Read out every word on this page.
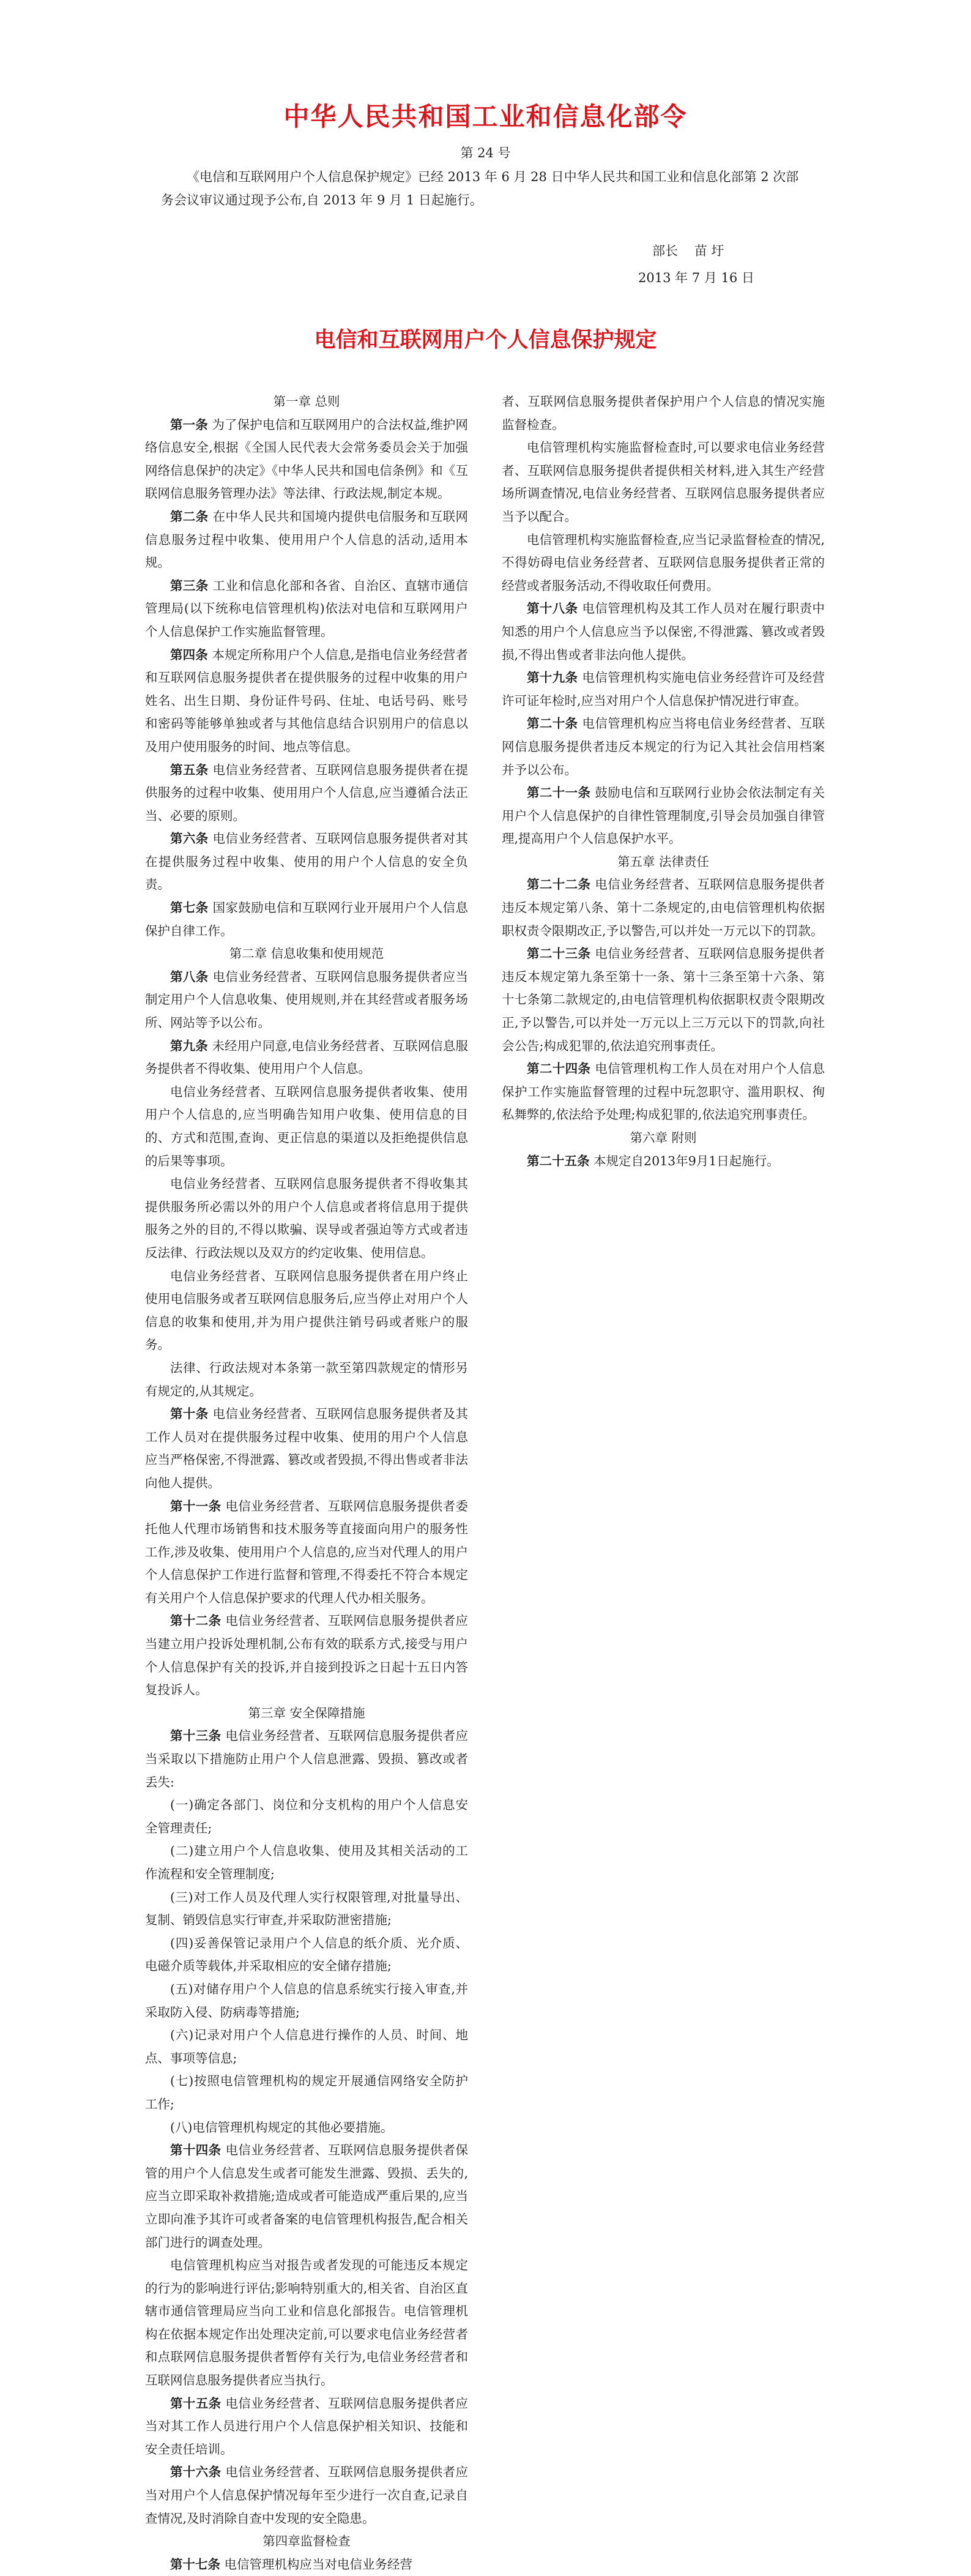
中华人民共和国工业和信息化部令

第 24 号

《电信和互联网用户个人信息保护规定》已经 2013 年 6 月 28 日中华人民共和国工业和信息化部第 2 次部务会议审议通过现予公布,自 2013 年 9 月 1 日起施行。

部长    苗 圩

2013 年 7 月 16 日

电信和互联网用户个人信息保护规定

第一章 总则

第一条 为了保护电信和互联网用户的合法权益,维护网络信息安全,根据《全国人民代表大会常务委员会关于加强网络信息保护的决定》《中华人民共和国电信条例》和《互联网信息服务管理办法》等法律、行政法规,制定本规。

第二条 在中华人民共和国境内提供电信服务和互联网信息服务过程中收集、使用用户个人信息的活动,适用本规。

第三条 工业和信息化部和各省、自治区、直辖市通信管理局(以下统称电信管理机构)依法对电信和互联网用户个人信息保护工作实施监督管理。

第四条 本规定所称用户个人信息,是指电信业务经营者和互联网信息服务提供者在提供服务的过程中收集的用户姓名、出生日期、身份证件号码、住址、电话号码、账号和密码等能够单独或者与其他信息结合识别用户的信息以及用户使用服务的时间、地点等信息。

第五条 电信业务经营者、互联网信息服务提供者在提供服务的过程中收集、使用用户个人信息,应当遵循合法正当、必要的原则。

第六条 电信业务经营者、互联网信息服务提供者对其在提供服务过程中收集、使用的用户个人信息的安全负责。

第七条 国家鼓励电信和互联网行业开展用户个人信息保护自律工作。

第二章 信息收集和使用规范

第八条 电信业务经营者、互联网信息服务提供者应当制定用户个人信息收集、使用规则,并在其经营或者服务场所、网站等予以公布。

第九条 未经用户同意,电信业务经营者、互联网信息服务提供者不得收集、使用用户个人信息。

电信业务经营者、互联网信息服务提供者收集、使用用户个人信息的,应当明确告知用户收集、使用信息的目的、方式和范围,查询、更正信息的渠道以及拒绝提供信息的后果等事项。

电信业务经营者、互联网信息服务提供者不得收集其提供服务所必需以外的用户个人信息或者将信息用于提供服务之外的目的,不得以欺骗、误导或者强迫等方式或者违反法律、行政法规以及双方的约定收集、使用信息。

电信业务经营者、互联网信息服务提供者在用户终止使用电信服务或者互联网信息服务后,应当停止对用户个人信息的收集和使用,并为用户提供注销号码或者账户的服务。

法律、行政法规对本条第一款至第四款规定的情形另有规定的,从其规定。

第十条 电信业务经营者、互联网信息服务提供者及其工作人员对在提供服务过程中收集、使用的用户个人信息应当严格保密,不得泄露、篡改或者毁损,不得出售或者非法向他人提供。

第十一条 电信业务经营者、互联网信息服务提供者委托他人代理市场销售和技术服务等直接面向用户的服务性工作,涉及收集、使用用户个人信息的,应当对代理人的用户个人信息保护工作进行监督和管理,不得委托不符合本规定有关用户个人信息保护要求的代理人代办相关服务。

第十二条 电信业务经营者、互联网信息服务提供者应当建立用户投诉处理机制,公布有效的联系方式,接受与用户个人信息保护有关的投诉,并自接到投诉之日起十五日内答复投诉人。

第三章 安全保障措施

第十三条 电信业务经营者、互联网信息服务提供者应当采取以下措施防止用户个人信息泄露、毁损、篡改或者丢失:

(一)确定各部门、岗位和分支机构的用户个人信息安全管理责任;

(二)建立用户个人信息收集、使用及其相关活动的工作流程和安全管理制度;

(三)对工作人员及代理人实行权限管理,对批量导出、复制、销毁信息实行审查,并采取防泄密措施;

(四)妥善保管记录用户个人信息的纸介质、光介质、电磁介质等载体,并采取相应的安全储存措施;

(五)对储存用户个人信息的信息系统实行接入审查,并采取防入侵、防病毒等措施;

(六)记录对用户个人信息进行操作的人员、时间、地点、事项等信息;

(七)按照电信管理机构的规定开展通信网络安全防护工作;

(八)电信管理机构规定的其他必要措施。

第十四条 电信业务经营者、互联网信息服务提供者保管的用户个人信息发生或者可能发生泄露、毁损、丢失的,应当立即采取补救措施;造成或者可能造成严重后果的,应当立即向准予其许可或者备案的电信管理机构报告,配合相关部门进行的调查处理。

电信管理机构应当对报告或者发现的可能违反本规定的行为的影响进行评估;影响特别重大的,相关省、自治区直辖市通信管理局应当向工业和信息化部报告。电信管理机构在依据本规定作出处理决定前,可以要求电信业务经营者和点联网信息服务提供者暂停有关行为,电信业务经营者和互联网信息服务提供者应当执行。

第十五条 电信业务经营者、互联网信息服务提供者应当对其工作人员进行用户个人信息保护相关知识、技能和安全责任培训。

第十六条 电信业务经营者、互联网信息服务提供者应当对用户个人信息保护情况每年至少进行一次自查,记录自查情况,及时消除自查中发现的安全隐患。

第四章监督检查

第十七条 电信管理机构应当对电信业务经营

者、互联网信息服务提供者保护用户个人信息的情况实施监督检查。

电信管理机构实施监督检查时,可以要求电信业务经营者、互联网信息服务提供者提供相关材料,进入其生产经营场所调查情况,电信业务经营者、互联网信息服务提供者应当予以配合。

电信管理机构实施监督检查,应当记录监督检查的情况,不得妨碍电信业务经营者、互联网信息服务提供者正常的经营或者服务活动,不得收取任何费用。

第十八条 电信管理机构及其工作人员对在履行职责中知悉的用户个人信息应当予以保密,不得泄露、篡改或者毁损,不得出售或者非法向他人提供。

第十九条 电信管理机构实施电信业务经营许可及经营许可证年检时,应当对用户个人信息保护情况进行审查。

第二十条 电信管理机构应当将电信业务经营者、互联网信息服务提供者违反本规定的行为记入其社会信用档案并予以公布。

第二十一条 鼓励电信和互联网行业协会依法制定有关用户个人信息保护的自律性管理制度,引导会员加强自律管理,提高用户个人信息保护水平。

第五章 法律责任

第二十二条 电信业务经营者、互联网信息服务提供者违反本规定第八条、第十二条规定的,由电信管理机构依据职权责令限期改正,予以警告,可以并处一万元以下的罚款。

第二十三条 电信业务经营者、互联网信息服务提供者违反本规定第九条至第十一条、第十三条至第十六条、第十七条第二款规定的,由电信管理机构依据职权责令限期改正,予以警告,可以并处一万元以上三万元以下的罚款,向社会公告;构成犯罪的,依法追究刑事责任。

第二十四条 电信管理机构工作人员在对用户个人信息保护工作实施监督管理的过程中玩忽职守、滥用职权、徇私舞弊的,依法给予处理;构成犯罪的,依法追究刑事责任。

第六章 附则

第二十五条 本规定自2013年9月1日起施行。
